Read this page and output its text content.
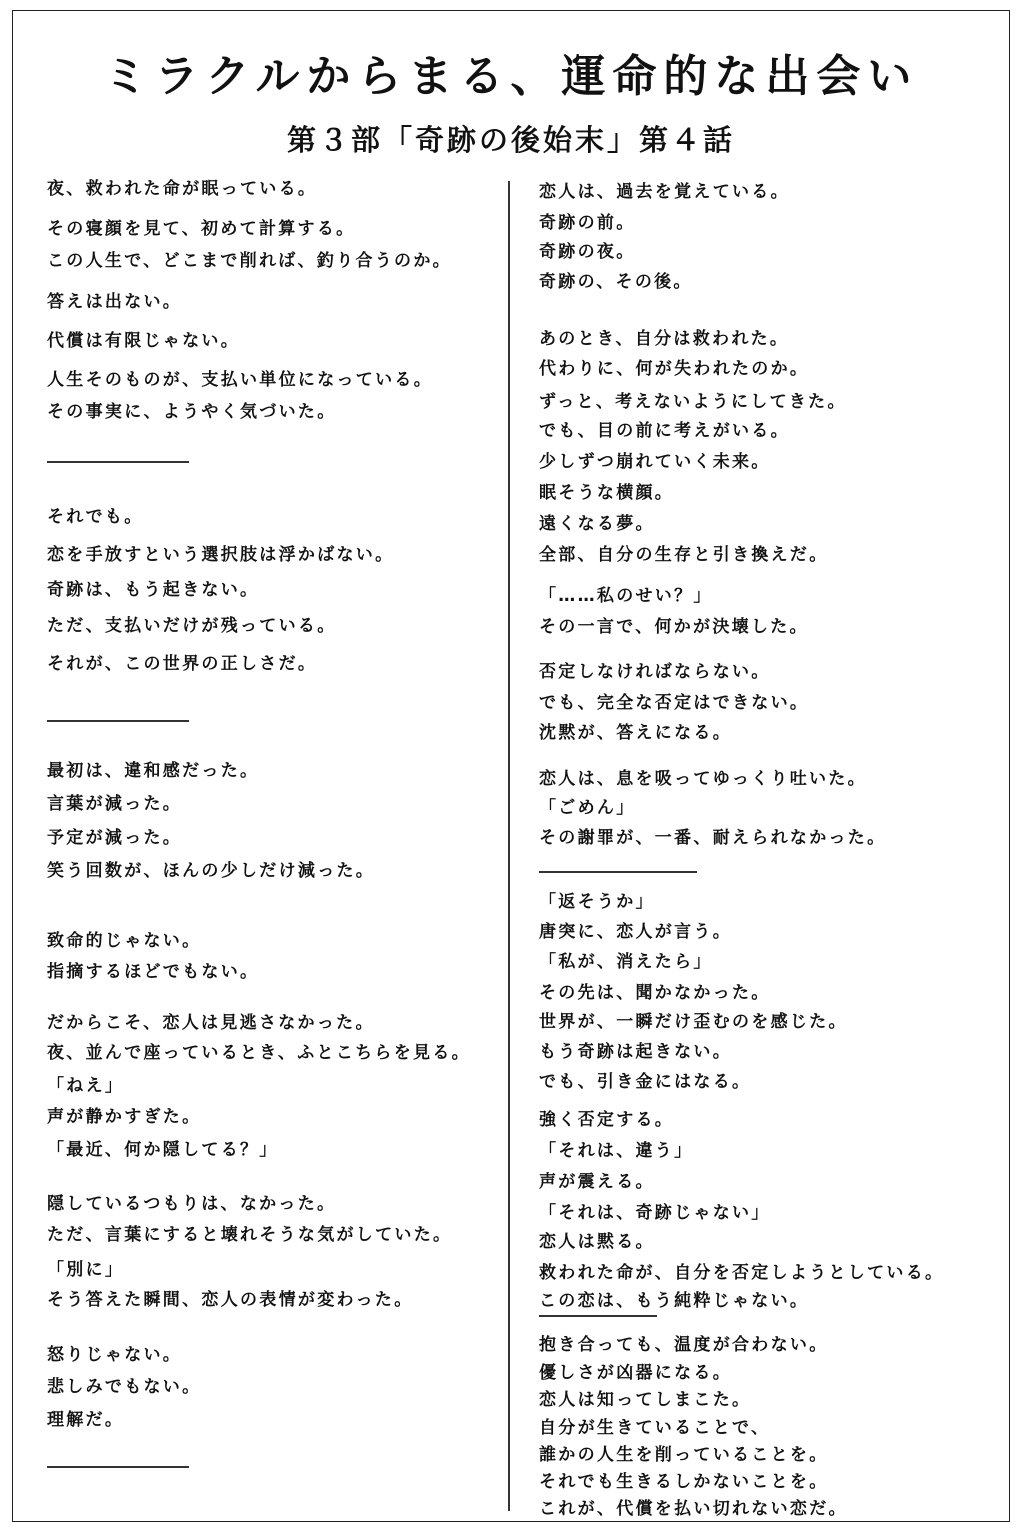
ミラクルからまる、運命的な出会い
第３部「奇跡の後始末」第４話
夜、救われた命が眠っている。
その寝顔を見て、初めて計算する。
この人生で、どこまで削れば、釣り合うのか。
答えは出ない。
代償は有限じゃない。
人生そのものが、支払い単位になっている。
その事実に、ようやく気づいた。
それでも。
恋を手放すという選択肢は浮かばない。
奇跡は、もう起きない。
ただ、支払いだけが残っている。
それが、この世界の正しさだ。
最初は、違和感だった。
言葉が減った。
予定が減った。
笑う回数が、ほんの少しだけ減った。
致命的じゃない。
指摘するほどでもない。
だからこそ、恋人は見逃さなかった。
夜、並んで座っているとき、ふとこちらを見る。
「ねえ」
声が静かすぎた。
「最近、何か隠してる？」
隠しているつもりは、なかった。
ただ、言葉にすると壊れそうな気がしていた。
「別に」
そう答えた瞬間、恋人の表情が変わった。
怒りじゃない。
悲しみでもない。
理解だ。
恋人は、過去を覚えている。
奇跡の前。
奇跡の夜。
奇跡の、その後。
あのとき、自分は救われた。
代わりに、何が失われたのか。
ずっと、考えないようにしてきた。
でも、目の前に考えがいる。
少しずつ崩れていく未来。
眠そうな横顔。
遠くなる夢。
全部、自分の生存と引き換えだ。
「……私のせい？」
その一言で、何かが決壊した。
否定しなければならない。
でも、完全な否定はできない。
沈黙が、答えになる。
恋人は、息を吸ってゆっくり吐いた。
「ごめん」
その謝罪が、一番、耐えられなかった。
「返そうか」
唐突に、恋人が言う。
「私が、消えたら」
その先は、聞かなかった。
世界が、一瞬だけ歪むのを感じた。
もう奇跡は起きない。
でも、引き金にはなる。
強く否定する。
「それは、違う」
声が震える。
「それは、奇跡じゃない」
恋人は黙る。
救われた命が、自分を否定しようとしている。
この恋は、もう純粋じゃない。
抱き合っても、温度が合わない。
優しさが凶器になる。
恋人は知ってしまこた。
自分が生きていることで、
誰かの人生を削っていることを。
それでも生きるしかないことを。
これが、代償を払い切れない恋だ。
